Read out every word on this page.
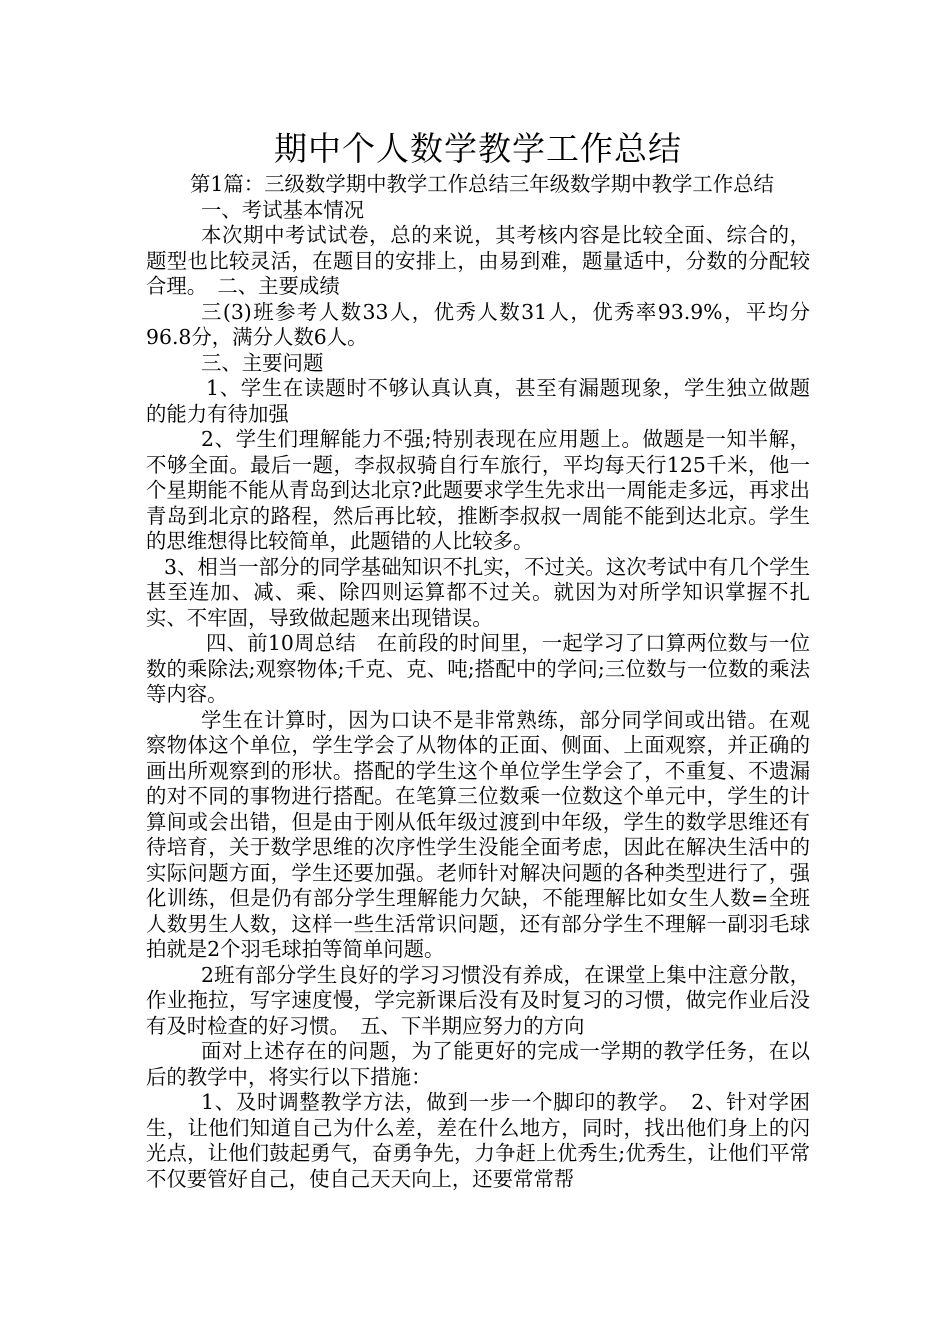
期中个人数学教学工作总结

第1篇：三级数学期中教学工作总结三年级数学期中教学工作总结

一、考试基本情况

本次期中考试试卷，总的来说，其考核内容是比较全面、综合的，题型也比较灵活，在题目的安排上，由易到难，题量适中，分数的分配较合理。　二、主要成绩

三(3)班参考人数33人，优秀人数31人，优秀率93.9%，平均分96.8分，满分人数6人。

三、主要问题

1、学生在读题时不够认真认真，甚至有漏题现象，学生独立做题的能力有待加强

2、学生们理解能力不强;特别表现在应用题上。做题是一知半解，不够全面。最后一题，李叔叔骑自行车旅行，平均每天行125千米，他一个星期能不能从青岛到达北京?此题要求学生先求出一周能走多远，再求出青岛到北京的路程，然后再比较，推断李叔叔一周能不能到达北京。学生的思维想得比较简单，此题错的人比较多。

3、相当一部分的同学基础知识不扎实，不过关。这次考试中有几个学生甚至连加、减、乘、除四则运算都不过关。就因为对所学知识掌握不扎实、不牢固，导致做起题来出现错误。

四、前10周总结　在前段的时间里，一起学习了口算两位数与一位数的乘除法;观察物体;千克、克、吨;搭配中的学问;三位数与一位数的乘法等内容。

学生在计算时，因为口诀不是非常熟练，部分同学间或出错。在观察物体这个单位，学生学会了从物体的正面、侧面、上面观察，并正确的画出所观察到的形状。搭配的学生这个单位学生学会了，不重复、不遗漏的对不同的事物进行搭配。在笔算三位数乘一位数这个单元中，学生的计算间或会出错，但是由于刚从低年级过渡到中年级，学生的数学思维还有待培育，关于数学思维的次序性学生没能全面考虑，因此在解决生活中的实际问题方面，学生还要加强。老师针对解决问题的各种类型进行了，强化训练，但是仍有部分学生理解能力欠缺，不能理解比如女生人数=全班人数男生人数，这样一些生活常识问题，还有部分学生不理解一副羽毛球拍就是2个羽毛球拍等简单问题。

2班有部分学生良好的学习习惯没有养成，在课堂上集中注意分散，作业拖拉，写字速度慢，学完新课后没有及时复习的习惯，做完作业后没有及时检查的好习惯。　五、下半期应努力的方向

面对上述存在的问题，为了能更好的完成一学期的教学任务，在以后的教学中，将实行以下措施：

1、及时调整教学方法，做到一步一个脚印的教学。　2、针对学困生，让他们知道自己为什么差，差在什么地方，同时，找出他们身上的闪光点，让他们鼓起勇气，奋勇争先，力争赶上优秀生;优秀生，让他们平常不仅要管好自己，使自己天天向上，还要常常帮
